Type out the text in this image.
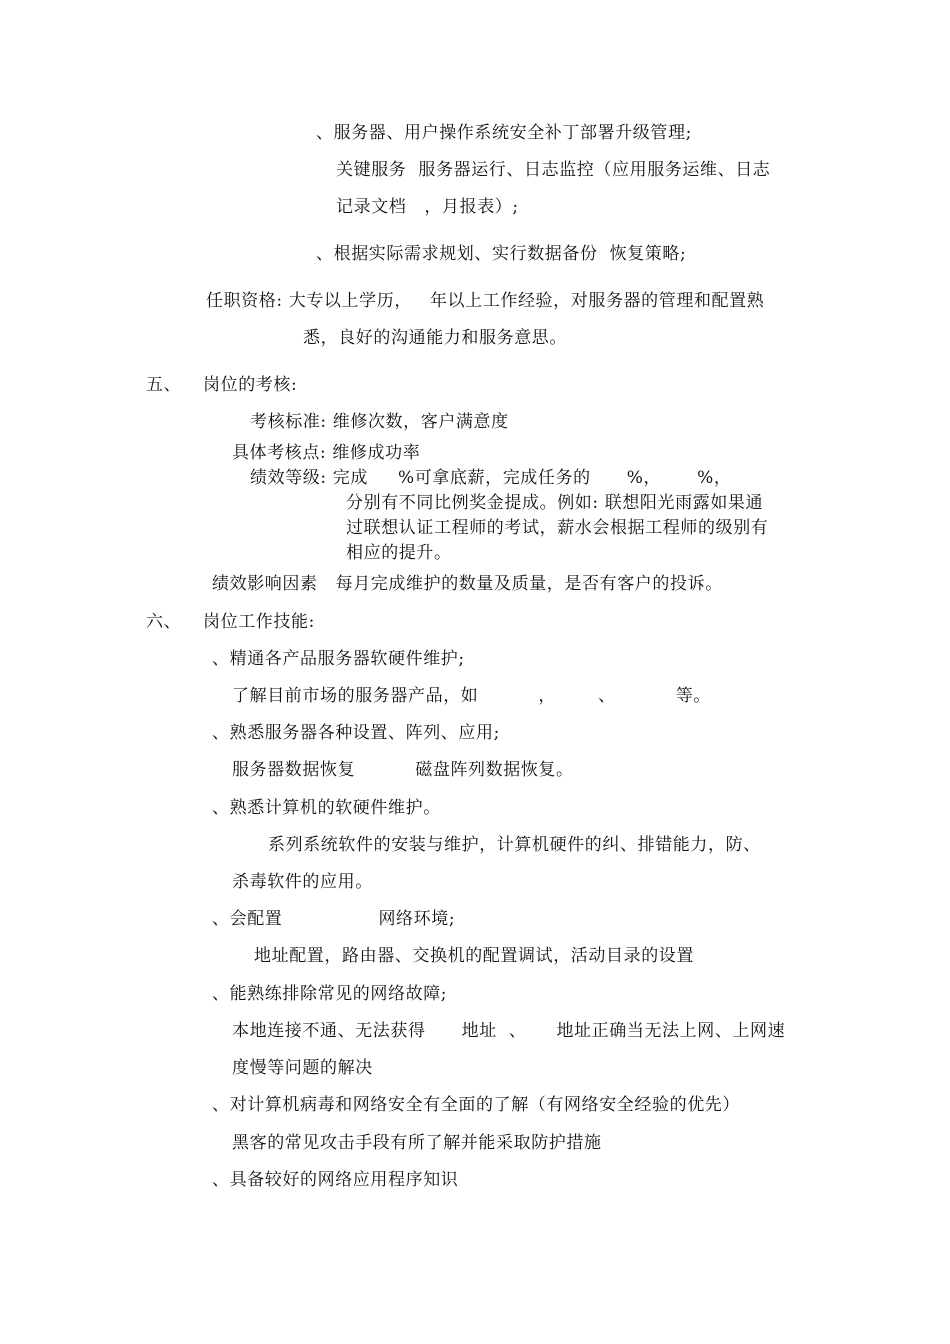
、服务器、用户操作系统安全补丁部署升级管理;
关键服务  服务器运行、日志监控（应用服务运维、日志
记录文档   ，月报表）;
、根据实际需求规划、实行数据备份  恢复策略;
任职资格: 大专以上学历，   年以上工作经验，对服务器的管理和配置熟
悉，良好的沟通能力和服务意思。
五、 岗位的考核:
考核标准: 维修次数，客户满意度
具体考核点: 维修成功率
绩效等级: 完成     %可拿底薪，完成任务的      %，      %，
分别有不同比例奖金提成。例如: 联想阳光雨露如果通
过联想认证工程师的考试，薪水会根据工程师的级别有
相应的提升。
绩效影响因素   每月完成维护的数量及质量，是否有客户的投诉。
六、 岗位工作技能:
、精通各产品服务器软硬件维护;
了解目前市场的服务器产品，如          ，       、          等。
、熟悉服务器各种设置、阵列、应用;
服务器数据恢复          磁盘阵列数据恢复。
、熟悉计算机的软硬件维护。
系列系统软件的安装与维护，计算机硬件的纠、排错能力，防、
杀毒软件的应用。
、会配置                网络环境;
地址配置，路由器、交换机的配置调试，活动目录的设置
、能熟练排除常见的网络故障;
本地连接不通、无法获得      地址  、     地址正确当无法上网、上网速
度慢等问题的解决
、对计算机病毒和网络安全有全面的了解（有网络安全经验的优先）
黑客的常见攻击手段有所了解并能采取防护措施
、具备较好的网络应用程序知识
